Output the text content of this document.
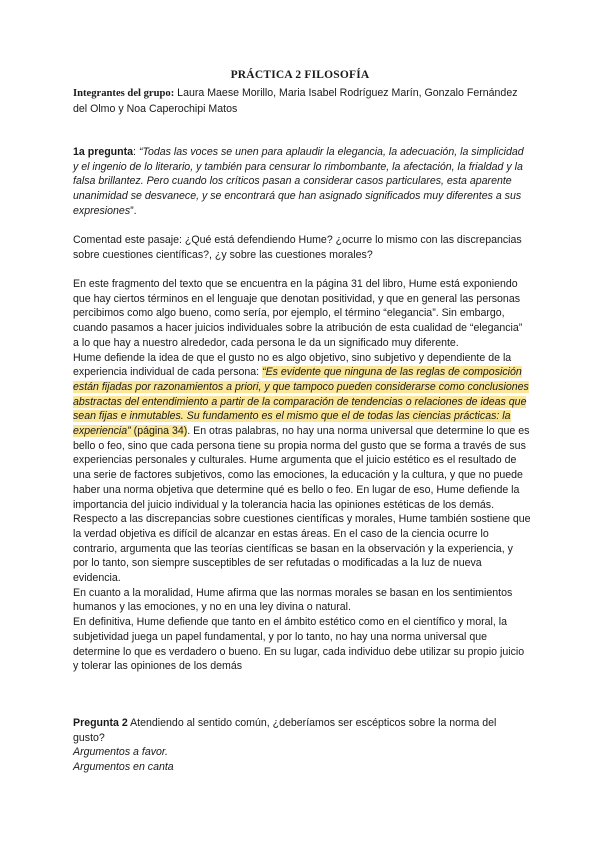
PRÁCTICA 2 FILOSOFÍA

Integrantes del grupo: Laura Maese Morillo, Maria Isabel Rodríguez Marín, Gonzalo Fernández del Olmo y Noa Caperochipi Matos

1a pregunta: “Todas las voces se unen para aplaudir la elegancia, la adecuación, la simplicidad y el ingenio de lo literario, y también para censurar lo rimbombante, la afectación, la frialdad y la falsa brillantez. Pero cuando los críticos pasan a considerar casos particulares, esta aparente unanimidad se desvanece, y se encontrará que han asignado significados muy diferentes a sus expresiones”.

Comentad este pasaje: ¿Qué está defendiendo Hume? ¿ocurre lo mismo con las discrepancias sobre cuestiones científicas?, ¿y sobre las cuestiones morales?

En este fragmento del texto que se encuentra en la página 31 del libro, Hume está exponiendo que hay ciertos términos en el lenguaje que denotan positividad, y que en general las personas percibimos como algo bueno, como sería, por ejemplo, el término “elegancia”. Sin embargo, cuando pasamos a hacer juicios individuales sobre la atribución de esta cualidad de “elegancia” a lo que hay a nuestro alrededor, cada persona le da un significado muy diferente.

Hume defiende la idea de que el gusto no es algo objetivo, sino subjetivo y dependiente de la experiencia individual de cada persona: “Es evidente que ninguna de las reglas de composición están fijadas por razonamientos a priori, y que tampoco pueden considerarse como conclusiones abstractas del entendimiento a partir de la comparación de tendencias o relaciones de ideas que sean fijas e inmutables. Su fundamento es el mismo que el de todas las ciencias prácticas: la experiencia” (página 34). En otras palabras, no hay una norma universal que determine lo que es bello o feo, sino que cada persona tiene su propia norma del gusto que se forma a través de sus experiencias personales y culturales. Hume argumenta que el juicio estético es el resultado de una serie de factores subjetivos, como las emociones, la educación y la cultura, y que no puede haber una norma objetiva que determine qué es bello o feo. En lugar de eso, Hume defiende la importancia del juicio individual y la tolerancia hacia las opiniones estéticas de los demás.

Respecto a las discrepancias sobre cuestiones científicas y morales, Hume también sostiene que la verdad objetiva es difícil de alcanzar en estas áreas. En el caso de la ciencia ocurre lo contrario, argumenta que las teorías científicas se basan en la observación y la experiencia, y por lo tanto, son siempre susceptibles de ser refutadas o modificadas a la luz de nueva evidencia.

En cuanto a la moralidad, Hume afirma que las normas morales se basan en los sentimientos humanos y las emociones, y no en una ley divina o natural.

En definitiva, Hume defiende que tanto en el ámbito estético como en el científico y moral, la subjetividad juega un papel fundamental, y por lo tanto, no hay una norma universal que determine lo que es verdadero o bueno. En su lugar, cada individuo debe utilizar su propio juicio y tolerar las opiniones de los demás

Pregunta 2 Atendiendo al sentido común, ¿deberíamos ser escépticos sobre la norma del gusto?

Argumentos a favor.

Argumentos en canta
